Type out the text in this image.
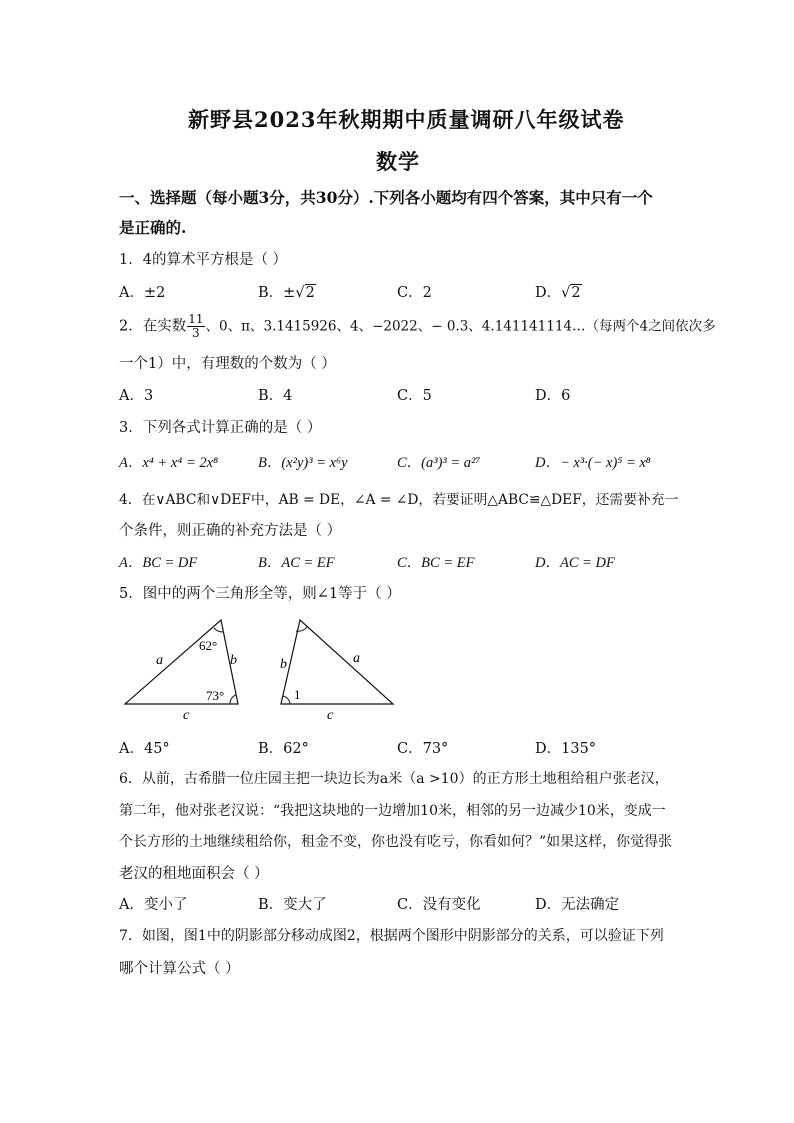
新野县2023年秋期期中质量调研八年级试卷
数学
一、选择题（每小题3分，共30分）.下列各小题均有四个答案，其中只有一个
是正确的.
1．4的算术平方根是（ ）
A．±2	B．±√2	C．2	D．√2
2．在实数 $\frac{11}{3}$ 、0、π、3.1415926、4、−2022、− 0.3、4.141141114…（每两个4之间依次多
一个1）中，有理数的个数为（ ）
A．3	B．4	C．5	D．6
3．下列各式计算正确的是（ ）
A．x⁴ + x⁴ = 2x⁸	B．(x²y)³ = x⁶y	C．(a³)³ = a²⁷	D．− x³·(− x)⁵ = x⁸
4．在∨ABC和∨DEF中，AB = DE，∠A = ∠D，若要证明△ABC≌△DEF，还需要补充一
个条件，则正确的补充方法是（ ）
A．BC = DF	B．AC = EF	C．BC = EF	D．AC = DF
5．图中的两个三角形全等，则∠1等于（ ）
a	b
c
62°
73°
b	a
c
1
A．45°	B．62°	C．73°	D．135°
6．从前，古希腊一位庄园主把一块边长为a米（a >10）的正方形土地租给租户张老汉，
第二年，他对张老汉说：“我把这块地的一边增加10米，相邻的另一边减少10米，变成一
个长方形的土地继续租给你，租金不变，你也没有吃亏，你看如何？”如果这样，你觉得张
老汉的租地面积会（ ）
A．变小了	B．变大了	C．没有变化	D．无法确定
7．如图，图1中的阴影部分移动成图2，根据两个图形中阴影部分的关系，可以验证下列
哪个计算公式（ ）
